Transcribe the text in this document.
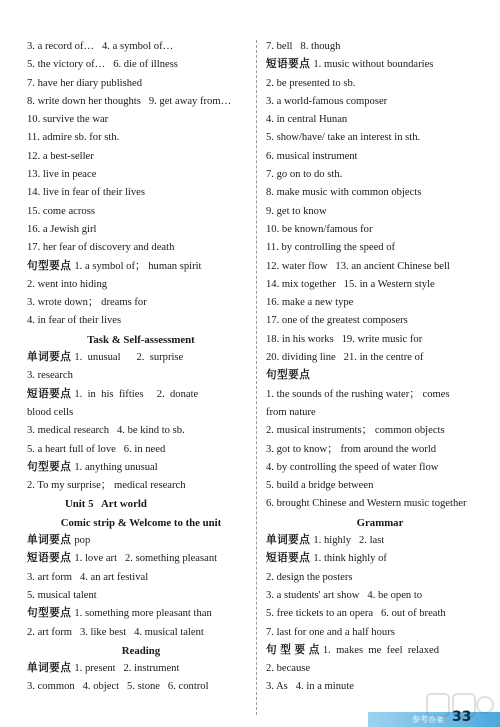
3. a record of…   4. a symbol of…
5. the victory of…   6. die of illness
7. have her diary published
8. write down her thoughts   9. get away from…
10. survive the war
11. admire sb. for sth.
12. a best-seller
13. live in peace
14. live in fear of their lives
15. come across
16. a Jewish girl
17. her fear of discovery and death
句型要点 1. a symbol of； human spirit
2. went into hiding
3. wrote down； dreams for
4. in fear of their lives
Task & Self-assessment
单词要点 1.  unusual      2.  surprise
3. research
短语要点 1.  in  his  fifties     2.  donate
blood cells
3. medical research   4. be kind to sb.
5. a heart full of love   6. in need
句型要点 1. anything unusual
2. To my surprise； medical research
Unit 5   Art world
Comic strip & Welcome to the unit
单词要点 pop
短语要点 1. love art   2. something pleasant
3. art form   4. an art festival
5. musical talent
句型要点 1. something more pleasant than
2. art form   3. like best   4. musical talent
Reading
单词要点 1. present   2. instrument
3. common   4. object   5. stone   6. control
7. bell   8. though
短语要点 1. music without boundaries
2. be presented to sb.
3. a world-famous composer
4. in central Hunan
5. show/have/ take an interest in sth.
6. musical instrument
7. go on to do sth.
8. make music with common objects
9. get to know
10. be known/famous for
11. by controlling the speed of
12. water flow   13. an ancient Chinese bell
14. mix together   15. in a Western style
16. make a new type
17. one of the greatest composers
18. in his works   19. write music for
20. dividing line   21. in the centre of
句型要点
1. the sounds of the rushing water； comes
from nature
2. musical instruments； common objects
3. got to know； from around the world
4. by controlling the speed of water flow
5. build a bridge between
6. brought Chinese and Western music together
Grammar
单词要点 1. highly   2. last
短语要点 1. think highly of
2. design the posters
3. a students' art show   4. be open to
5. free tickets to an opera   6. out of breath
7. last for one and a half hours
句 型 要 点 1.  makes  me  feel  relaxed
2. because
3. As   4. in a minute
参考答案 33
